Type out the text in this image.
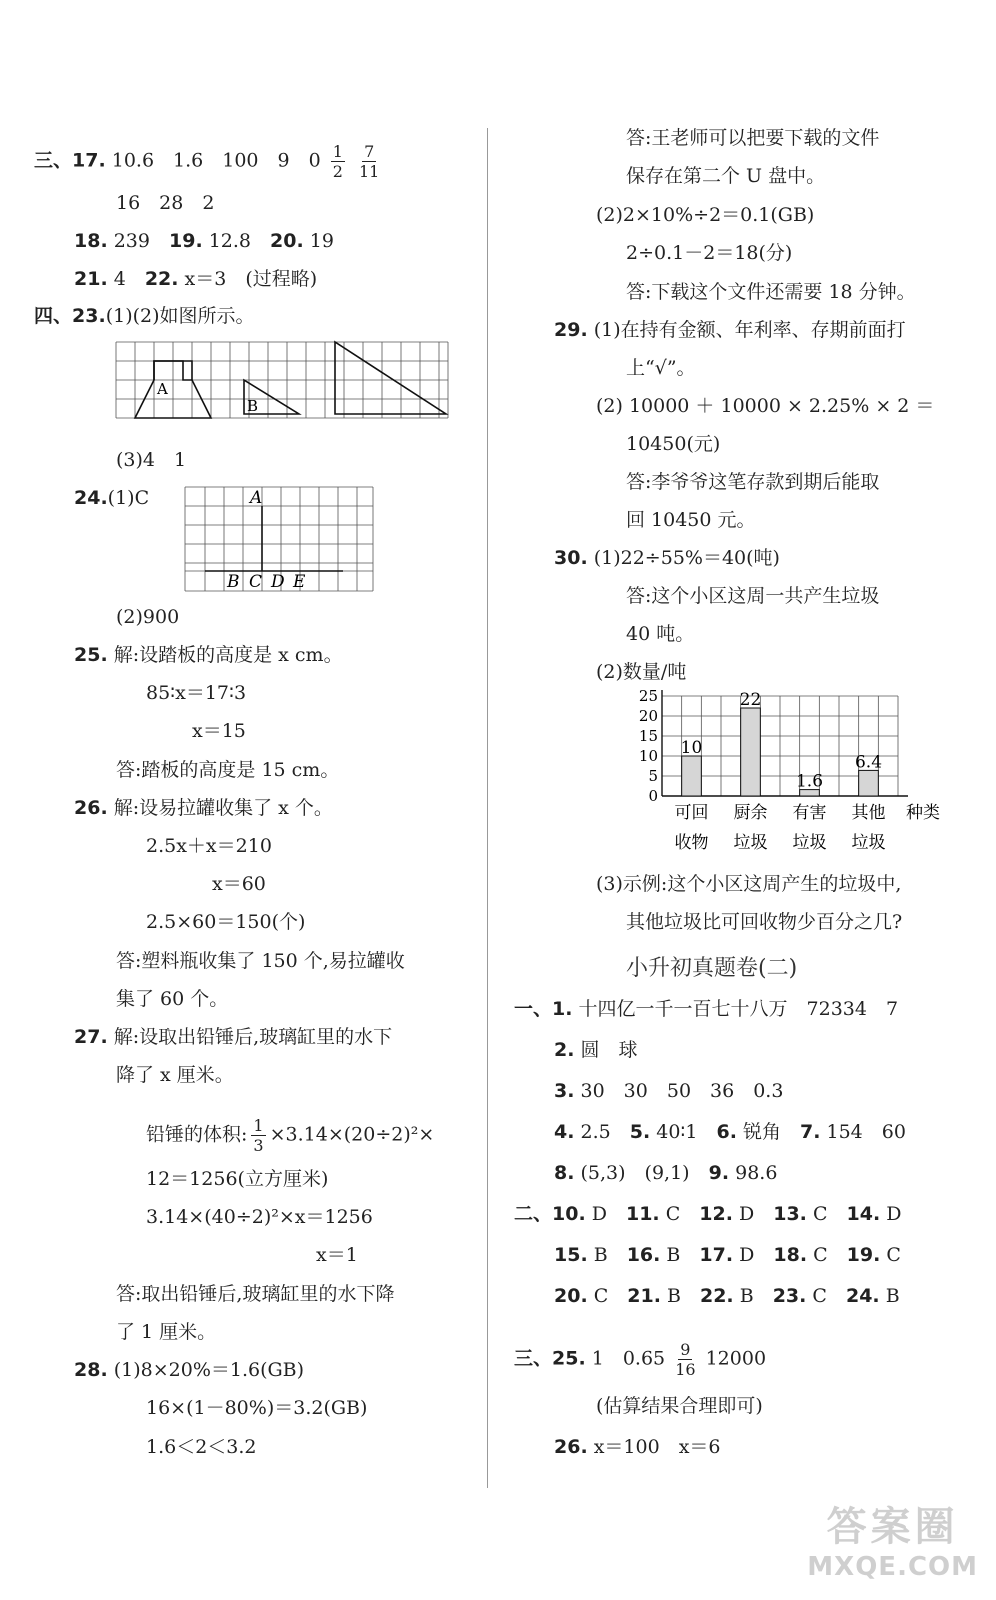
三、17. 10.6　1.6　100　9　$0 \frac{1}{2}$
$\frac{7}{11}$
16　28　2
18. 239　 19. 12.8　 20. 19
21. 4　 22. x＝3　(过程略)
四、23.(1)(2)如图所示。
A
B
(3)4　1
24.(1)C	A
B C D E
(2)900
25. 解:设踏板的高度是 x cm。
85∶x＝17∶3
x＝15
答:踏板的高度是 15 cm。
26. 解:设易拉罐收集了 x 个。
2.5x＋x＝210
x＝60
2.5×60＝150(个)
答:塑料瓶收集了 150 个,易拉罐收
集了 60 个。
27. 解:设取出铅锤后,玻璃缸里的水下
降了 x 厘米。
铅锤的体积: $\frac{1}{3} \times 3.14\times(20\div 2)^2\times$
12＝1256(立方厘米)
3.14×(40÷2)²×x＝1256
x＝1
答:取出铅锤后,玻璃缸里的水下降
了 1 厘米。
28. (1)8×20%＝1.6(GB)
16×(1－80%)＝3.2(GB)
1.6＜2＜3.2
答:王老师可以把要下载的文件
保存在第二个 U 盘中。
(2)2×10%÷2＝0.1(GB)
2÷0.1－2＝18(分)
答:下载这个文件还需要 18 分钟。
29. (1)在持有金额、年利率、存期前面打
上“√”。
(2) 10000 ＋ 10000 × 2.25% × 2 ＝
10450(元)
答:李爷爷这笔存款到期后能取
回 10450 元。
30. (1)22÷55%＝40(吨)
答:这个小区这周一共产生垃圾
40 吨。
(2)数量/吨
0
5
10
15
20
25
10
可回
收物
22
厨余
垃圾
1.6
有害
垃圾
6.4
其他
垃圾
种类
(3)示例:这个小区这周产生的垃圾中,
其他垃圾比可回收物少百分之几?
小升初真题卷(二)
一、1. 十四亿一千一百七十八万　72334　7
2. 圆　球
3. 30　30　50　36　0.3
4. 2.5　 5. 40∶1　 6. 锐角　 7. 154　60
8. (5,3)　(9,1)　 9. 98.6
二、10. D　 11. C　 12. D　 13. C　 14. D
15. B　 16. B　 17. D　 18. C　 19. C
20. C　 21. B　 22. B　 23. C　 24. B
三、25. 1　$0.65 \frac{9}{16} 12000$
(估算结果合理即可)
26. x＝100　x＝6
答案圈
MXQE.COM
